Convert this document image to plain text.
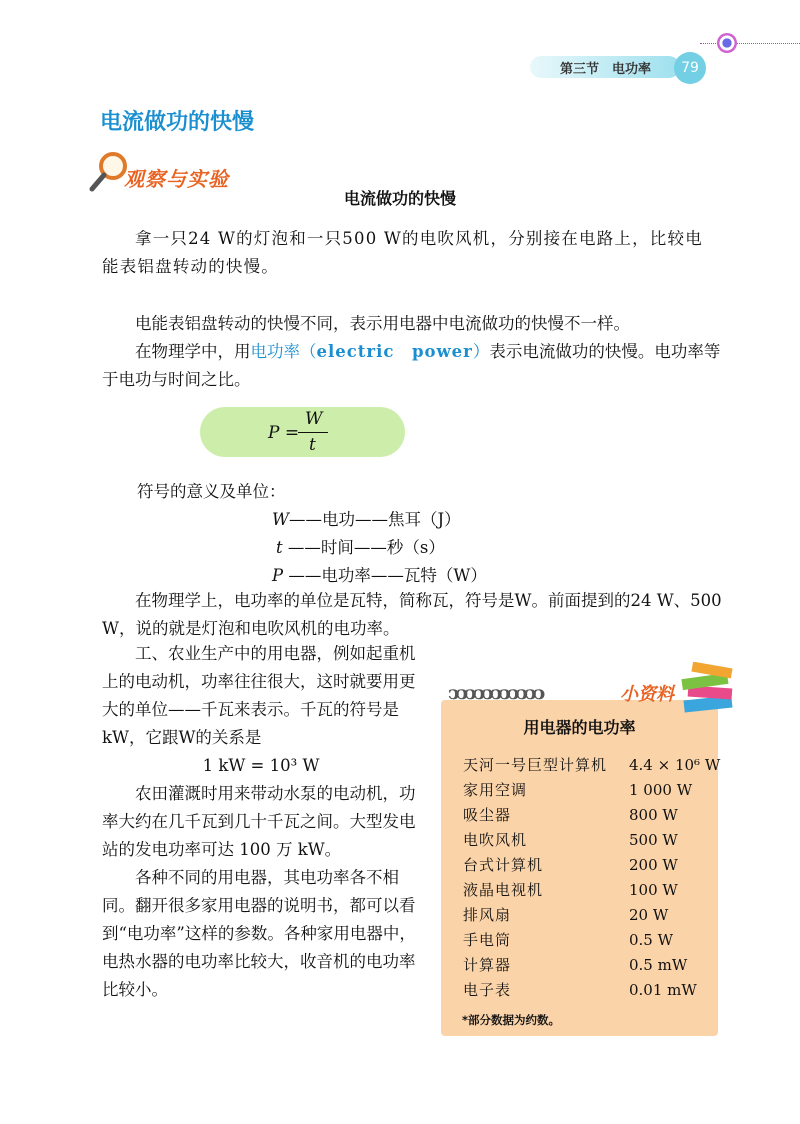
第三节　电功率	79
电流做功的快慢
观察与实验
电流做功的快慢
拿一只24 W的灯泡和一只500 W的电吹风机，分别接在电路上，比较电能表铝盘转动的快慢。
电能表铝盘转动的快慢不同，表示用电器中电流做功的快慢不一样。
在物理学中，用电功率（electric　power）表示电流做功的快慢。电功率等于电功与时间之比。
P =
W
t
符号的意义及单位：
W——电功——焦耳（J）
t ——时间——秒（s）
P ——电功率——瓦特（W）
在物理学上，电功率的单位是瓦特，简称瓦，符号是W。前面提到的24 W、500 W，说的就是灯泡和电吹风机的电功率。
工、农业生产中的用电器，例如起重机上的电动机，功率往往很大，这时就要用更大的单位——千瓦来表示。千瓦的符号是kW，它跟W的关系是
1 kW = 10³ W
农田灌溉时用来带动水泵的电动机，功率大约在几千瓦到几十千瓦之间。大型发电站的发电功率可达 100 万 kW。
各种不同的用电器，其电功率各不相同。翻开很多家用电器的说明书，都可以看到“电功率”这样的参数。各种家用电器中，电热水器的电功率比较大，收音机的电功率比较小。
ↄↄↄↄↄↄↄↄↄↄↄ	小资料
用电器的电功率
天河一号巨型计算机	4.4 × 10⁶ W
家用空调	1 000 W
吸尘器	800 W
电吹风机	500 W
台式计算机	200 W
液晶电视机	100 W
排风扇	20 W
手电筒	0.5 W
计算器	0.5 mW
电子表	0.01 mW
*部分数据为约数。
